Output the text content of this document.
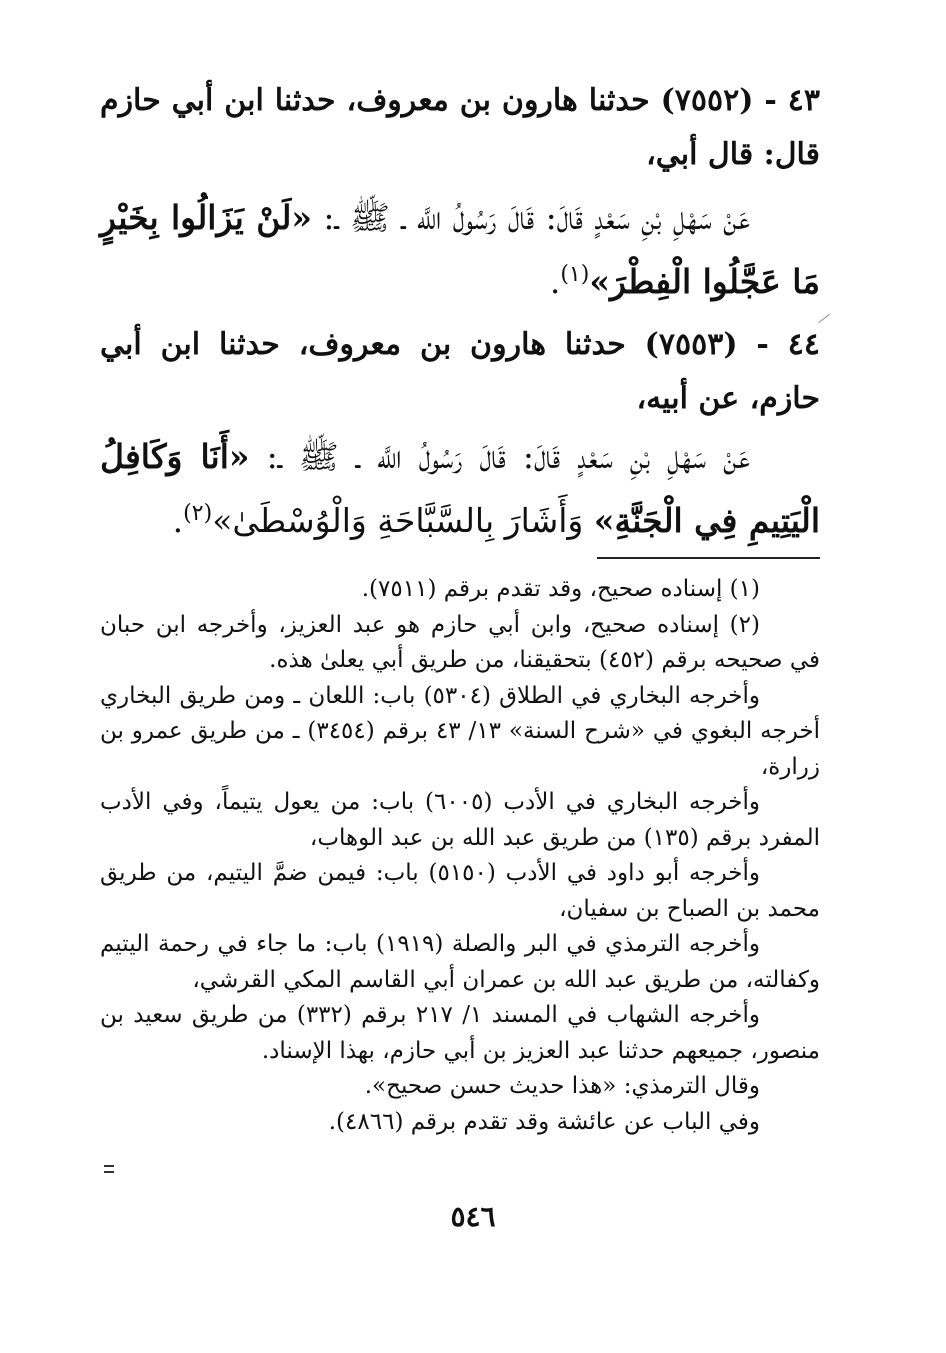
٤٣ - (٧٥٥٢) حدثنا هارون بن معروف، حدثنا ابن أبي حازم قال: قال أبي،

عَنْ سَهْلِ بْنِ سَعْدٍ قَالَ: قَالَ رَسُولُ اللَّه ـ ﷺ ـ: «لَنْ يَزَالُوا بِخَيْرٍ مَا عَجَّلُوا الْفِطْرَ»$^{(١)}$.

٤٤ - (٧٥٥٣) حدثنا هارون بن معروف، حدثنا ابن أبي حازم، عن أبيه،

عَنْ سَهْلِ بْنِ سَعْدٍ قَالَ: قَالَ رَسُولُ اللَّه ـ ﷺ ـ: «أَنَا وَكَافِلُ الْيَتِيمِ فِي الْجَنَّةِ» وَأَشَارَ بِالسَّبَّاحَةِ وَالْوُسْطَىٰ»$^{(٢)}$.

(١) إسناده صحيح، وقد تقدم برقم (٧٥١١).

(٢) إسناده صحيح، وابن أبي حازم هو عبد العزيز، وأخرجه ابن حبان في صحيحه برقم (٤٥٢) بتحقيقنا، من طريق أبي يعلىٰ هذه.

وأخرجه البخاري في الطلاق (٥٣٠٤) باب: اللعان ـ ومن طريق البخاري أخرجه البغوي في «شرح السنة» ١٣/ ٤٣ برقم (٣٤٥٤) ـ من طريق عمرو بن زرارة،

وأخرجه البخاري في الأدب (٦٠٠٥) باب: من يعول يتيماً، وفي الأدب المفرد برقم (١٣٥) من طريق عبد الله بن عبد الوهاب،

وأخرجه أبو داود في الأدب (٥١٥٠) باب: فيمن ضمَّ اليتيم، من طريق محمد بن الصباح بن سفيان،

وأخرجه الترمذي في البر والصلة (١٩١٩) باب: ما جاء في رحمة اليتيم وكفالته، من طريق عبد الله بن عمران أبي القاسم المكي القرشي،

وأخرجه الشهاب في المسند ١/ ٢١٧ برقم (٣٣٢) من طريق سعيد بن منصور، جميعهم حدثنا عبد العزيز بن أبي حازم، بهذا الإسناد.

وقال الترمذي: «هذا حديث حسن صحيح».

وفي الباب عن عائشة وقد تقدم برقم (٤٨٦٦).

٥٤٦
